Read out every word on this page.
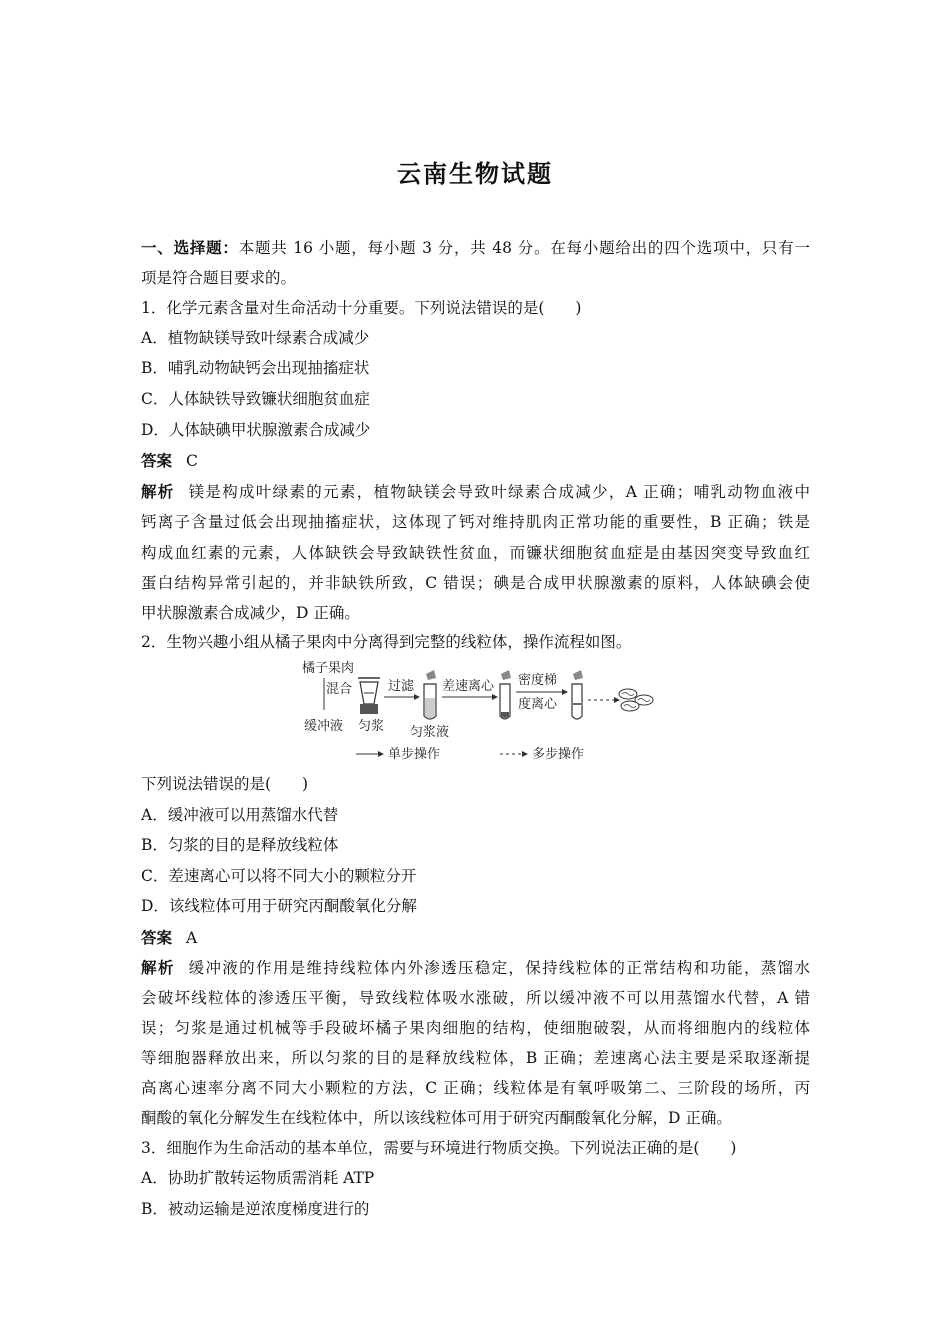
云南生物试题
一、选择题：本题共 16 小题，每小题 3 分，共 48 分。在每小题给出的四个选项中，只有一
项是符合题目要求的。
1．化学元素含量对生命活动十分重要。下列说法错误的是(　　)
A．植物缺镁导致叶绿素合成减少
B．哺乳动物缺钙会出现抽搐症状
C．人体缺铁导致镰状细胞贫血症
D．人体缺碘甲状腺激素合成减少
答案 C
解析 镁是构成叶绿素的元素，植物缺镁会导致叶绿素合成减少，A 正确；哺乳动物血液中
钙离子含量过低会出现抽搐症状，这体现了钙对维持肌肉正常功能的重要性，B 正确；铁是
构成血红素的元素，人体缺铁会导致缺铁性贫血，而镰状细胞贫血症是由基因突变导致血红
蛋白结构异常引起的，并非缺铁所致，C 错误；碘是合成甲状腺激素的原料，人体缺碘会使
甲状腺激素合成减少，D 正确。
2．生物兴趣小组从橘子果肉中分离得到完整的线粒体，操作流程如图。
橘子果肉
混合
缓冲液 匀浆
过滤
匀浆液
差速离心 密度梯
度离心
单步操作	多步操作
下列说法错误的是(　　)
A．缓冲液可以用蒸馏水代替
B．匀浆的目的是释放线粒体
C．差速离心可以将不同大小的颗粒分开
D．该线粒体可用于研究丙酮酸氧化分解
答案 A
解析 缓冲液的作用是维持线粒体内外渗透压稳定，保持线粒体的正常结构和功能，蒸馏水
会破坏线粒体的渗透压平衡，导致线粒体吸水涨破，所以缓冲液不可以用蒸馏水代替，A 错
误；匀浆是通过机械等手段破坏橘子果肉细胞的结构，使细胞破裂，从而将细胞内的线粒体
等细胞器释放出来，所以匀浆的目的是释放线粒体，B 正确；差速离心法主要是采取逐渐提
高离心速率分离不同大小颗粒的方法，C 正确；线粒体是有氧呼吸第二、三阶段的场所，丙
酮酸的氧化分解发生在线粒体中，所以该线粒体可用于研究丙酮酸氧化分解，D 正确。
3．细胞作为生命活动的基本单位，需要与环境进行物质交换。下列说法正确的是(　　)
A．协助扩散转运物质需消耗 ATP
B．被动运输是逆浓度梯度进行的
